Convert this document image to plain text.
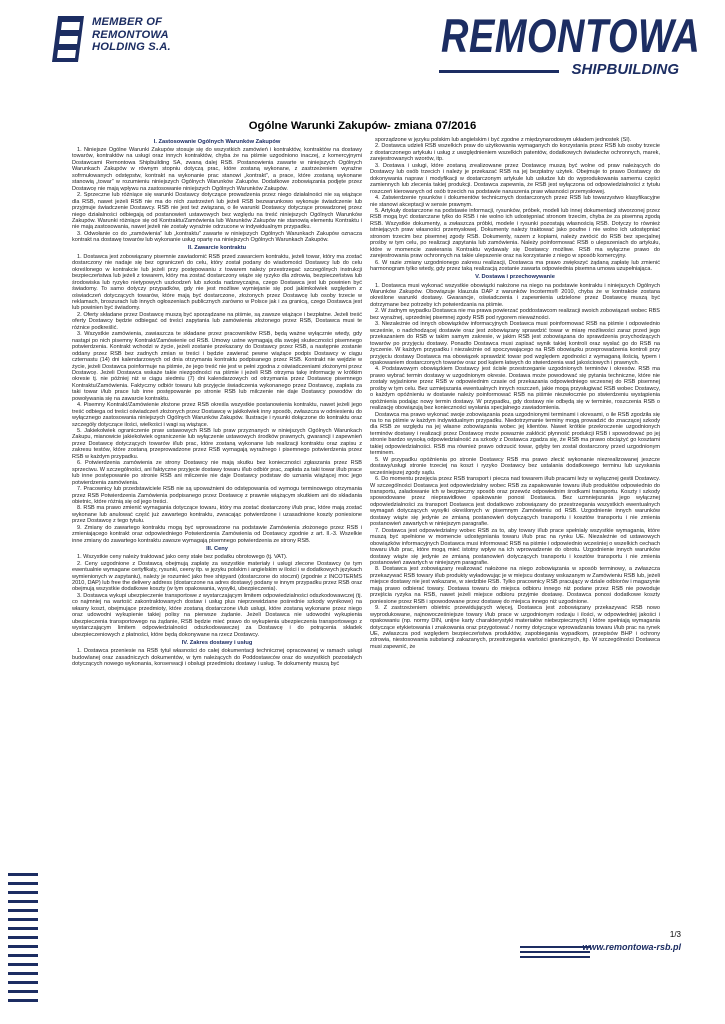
MEMBER OF
REMONTOWA
HOLDING S.A.	REMONTOWA
SHIPBUILDING
Ogólne Warunki Zakupów- zmiana 07/2016
I. Zastosowanie Ogólnych Warunków Zakupów

1. Niniejsze Ogólne Warunki Zakupów stosuje się do wszystkich zamówień i kontraktów, kontraktów na dostawy towarów, kontraktów na usługi oraz innych kontraktów, chyba że na piśmie uzgodniono inaczej, z komercyjnymi Dostawcami Remontowa Shipbuilding SA, zwaną dalej RSB. Postanowienia zawarte w niniejszych Ogólnych Warunkach Zakupów w równym stopniu dotyczą prac, które zostaną wykonane, z zastrzeżeniem wyraźne sofrmułowanych odstępstw, kontrakt na wykonanie prac stanowi „kontrakt”, a prace, które zostaną wykonane stanowią „towar” w rozumieniu niniejszych Ogólnych Warunków Zakupów. Dodatkowe zobowiązania podjęte przez Dostawcę nie mają wpływu na zastosowanie niniejszych Ogólnych Warunków Zakupów.

2. Sprzeczne lub różniące się warunki Dostawcy dotyczące prowadzenia przez niego działalności nie są wiążące dla RSB, nawet jeżeli RSB nie ma do nich zastrzeżeń lub jeżeli RSB bezwarunkowo wykonuje świadczenie lub przyjmuje świadczenie Dostawcy. RSB nie jest też związana, o ile warunki Dostawcy dotyczące prowadzonej przez niego działalności odbiegają od postanowień ustawowych bez względu na treść niniejszych Ogólnych Warunków Zakupów. Warunki różniące się od Kontraktu/Zamówienia lub Warunków Zakupów nie stanowią elementu Kontraktu i nie mają zastosowania, nawet jeżeli nie zostały wyraźnie odrzucone w indywidualnym przypadku.

3. Odwołanie co do „zamówienia” lub „kontraktu” zawarte w niniejszych Ogólnych Warunkach Zakupów oznacza kontrakt na dostawę towarów lub wykonanie usług opartę na niniejszych Ogólnych Warunkach Zakupów.

II. Zawarcie kontraktu

1. Dostawca jest zobowiązany pisemnie zawiadomić RSB przed zawarciem kontraktu, jeżeli towar, który ma zostać dostarczony nie nadaje się bez ograniczeń do celu, który został podany do wiadomości Dostawcy lub do celu określonego w kontrakcie lub jeżeli przy postępowaniu z towarem należy przestrzegać szczególnych instrukcji bezpieczeństwa lub jeżeli z towarem, który ma zostać dostarczony wiąże się ryzyko dla zdrowia, bezpieczeństwa lub środowiska lub ryzyko nietypowych uszkodzeń lub szkoda nadzwyczajna, czego Dostawca jest lub powinien być świadomy. To samo dotyczy przypadków, gdy nie jest możliwe wymiejanie się pod jakimkolwiek względem z oświadczeń dotyczących towarów, które mają być dostarczone, złożonych przez Dostawcę lub osoby trzecie w reklamach, broszurach lub innych ogłoszeniach publicznych zarówno w Polsce jak i za granicą, czego Dostawca jest lub powinien być świadomy.

2. Oferty składane przez Dostawcę muszą być sporządzane na piśmie, są zawsze wiążące i bezpłatne. Jeżeli treść oferty Dostawcy będzie odbiegać od treści zapytania lub zamówienia złożonego przez RSB, Dostawca musi te różnice podkreślić.

3. Wszystkie zamówienia, zawiaszcza te składane przez pracowników RSB, będą ważne wyłącznie wtedy, gdy nastąpi po nich pisemny Kontrakt/Zamówienie od RSB. Umowy ustne wymagają dla swojej skuteczności pisemnego potwierdzenia. Kontrakt wchodzi w życie, jeżeli zostanie przekazany do Dostawcy przez RSB, a następnie zostanie oddany przez RSB bez zadnych zmian w treści i będzie zawierać pewne wiążące podpis Dostawcy w ciągu czternastu (14) dni kalendarzowych od dnia otrzymania kontraktu podpisanego przez RSB. Kontrakt nie wejdzie w życie, jeżeli Dostawca poinformuje na piśmie, że jego treść nie jest w pełni zgodna z oświadczeniami złożonymi przez Dostawcę. Jeżeli Dostawca wskaże takie niezgodności na piśmie i jeżeli RSB otrzyma takę informację w krótkim okresie tj. nie później niż w ciągu siedmiu (7) dni kalendarzowych od otrzymania przez Dostawcę pisemnego Kontraktu/Zamówienia. Faktyczny odbiór towaru lub przyjęcie świadczenia wykonanego przez Dostawcę, zapłata za taki towar i/lub prace lub inne postępowanie po stronie RSB lub milczenie nie daje Dostawcy powodów do powoływania się na zawarcie kontraktu.

4. Pisemny Kontrakt/Zamówienie złożone przez RSB określa wszystkie postanowienia kontraktu, nawet jeżeli jego treść odbiega od treści oświadczeń złożonych przez Dostawcę w jakikolwiek inny sposób, zwłaszcza w odniesieniu do wyłącznego zastosowania niniejszych Ogólnych Warunków Zakupów. Ilustracje i rysunki dołączone do kontraktu oraz szczegóły dotyczące ilości, wielkości i wagi są wiążące.

5. Jakiekolwiek ograniczenie praw ustawowych RSB lub praw przyznanych w niniejszych Ogólnych Warunkach Zakupu, mianowicie jakiekolwiek ograniczenie lub wyłączenie ustawowych środków prawnych, gwarancji i zapewnień przez Dostawcę dotyczących towarów i/lub prac, które zostaną wykonane lub realizacji kontraktu oraz zapisu z zakresu testów, które zostaną przeprowadzone przez RSB wymagają wyraźnego i pisemnego potwierdzenia przez RSB w każdym przypadku.

6. Potwierdzenia zamówienia ze strony Dostawcy nie mają skutku bez konieczności zgłaszania przez RSB sprzeciwu. W szczególności, ani faktyczne przyjęcie dostawy towaru i/lub odbiór prac, zapłata za taki towar i/lub prace lub inne postępowanie po stronie RSB ani milczenie nie daje Dostawcy podstaw do uznania wiążącej moc jego potwierdzenia zamówienia.

7. Pracownicy lub przedstawiciele RSB nie są upoważnieni do odstępowania od wymogu terminowego otrzymania przez RSB Potwierdzenia Zamówienia podpisanego przez Dostawcę z prawnie wiążącym skutkiem ani do składania obietnic, które różnią się od jego treści.

8. RSB ma prawo zmienić wymagania dotyczące towaru, który ma zostać dostarczony i/lub prac, które mają zostać wykonane lub anulować część już zawartego kontraktu, zwracając potwierdzone i uzasadnione koszty poniesione przez Dostawcę z tego tytułu.

9. Zmiany do zawartego kontraktu mogą być wprowadzone na podstawie Zamówienia złożonego przez RSB i zmieniającego kontrakt oraz odpowiedniego Potwierdzenia Zamówienia od Dostawcy zgodnie z art. II.-3. Wszelkie inne zmiany do zawartego kontraktu zawsze wymagają pisemnego potwierdzenia ze strony RSB.

III. Ceny

1. Wszystkie ceny należy traktować jako ceny stałe bez podatku obrotowego (tj. VAT).

2. Ceny uzgodnione z Dostawcą obejmują zapłatę za wszystkie materiały i usługi zlecone Dostawcy (w tym ewentualnie wymagane certyfikaty, rysunki, ceeny itp. w języku polskim i angielskim w ilości i w dodatkowych językach wymienionych w zapytaniu), należy je rozumieć jako free shipyard (dostarczone do stoczni) (zgodnie z INCOTERMS 2010, DAP) lub free the delivery address (dostarczone na adres dostawy) podany w innym przypadku przez RSB oraz obejmują wszystkie dodatkowe koszty (w tym opakowania, wysyłki, ubezpieczenia).

3. Dostawca wykupi ubezpieczenie transportowe z wystarczającym limitem odpowiedzialności odszkodowawczej (tj. co najmniej na wartość zakontraktowanych dostaw i usług plus nieprzewidziane pośrednie szkody wynikowe) na własny koszt, obejmujące przedmioty, które zostaną dostarczone i/lub usługi, które zostaną wykonane przez niego oraz udowodni wykupienie takiej polisy na pierwsze żądanie. Jeżeli Dostawca nie udowodni wykupienia ubezpieczenia transportowego na żądanie, RSB będzie mieć prawo do wykupienia ubezpieczenia transportowego z wystarczającym limitem odpowiedzialności odszkodowawczej za Dostawcę i do potrącenia składek ubezpieczeniowych z płatności, które będą dokonywane na rzecz Dostawcy.

IV. Zakres dostawy i usług

1. Dostawca przeniesie na RSB tytuł własności do całej dokumentacji technicznej opracowanej w ramach usługi budowlanej oraz zasadniczych dokumentów, w tym należących do Poddostawców oraz do wszystkich pozostałych dotyczących nowego wykonania, konserwacji i obsługi przedmiotu dostawy i usług. Te dokumenty muszą być

sporządzone w języku polskim lub angielskim i być zgodne z międzynarodowym układem jednostek (SI).

2. Dostawca udzieli RSB wszelkich praw do użytkowania wymaganych do korzystania przez RSB lub osoby trzecie z dostarczonego artykułu i usług z uwzględnieniem wszelkich patentów, dodatkowych świadectw ochronnych, marek, zarejestrowanych wzorów, itp.

3. Dostawa i usługi, które zostaną zrealizowane przez Dostawcę muszą być wolne od praw należących do Dostawcy lub osób trzecich i należy je przekazać RSB na jej bezpłatny użytek. Obejmuje to prawo Dostawcy do dokonywania napraw i modyfikacji w dostarczonym artykule lub usłudze lub do wyprodukowania samemu części zamiennych lub zlecenia takiej produkcji. Dostawca zapewnia, że RSB jest wyłączona od odpowiedzialności z tytułu roszczeń kierowanych od osób trzecich na podstawie naruszenia praw własności przemysłowej.

4. Zatwierdzenie rysunków i dokumentów technicznych dostarczonych przez RSB lub towarzystwo klasyfikacyjne nie stanowi akceptacji w sensie prawnym.

5. Artykuły dostarczone na podstawie informacji, rysunków, próbek, modeli lub innej dokumentacji stworzonej przez RSB mogą być dostarczane tylko do RSB i nie wolno ich udostępniać stronom trzecim, chyba że za pisemną zgodą RSB. Wszystkie dokumenty, a zwłaszcza próbki, modele i rysunki pozostają własnością RSB. Dotyczy to również istniejących praw własności przemysłowej. Dokumenty należy traktować jako poufne i nie wolno ich udostępniać stronom trzecim bez pisemnej zgody RSB. Dokumenty, razem z kopiami, należy zwrócić do RSB bez specjalnej prośby w tym celu, po realizacji zapytania lub zamówienia. Należy poinformować RSB o ulepszeniach do artykułu, które w momencie zawierania Kontraktu wydawały się Dostawcy możliwe. RSB ma wyłączne prawo do zarejestrowania praw ochronnych na takie ulepszenie oraz na korzystanie z niego w sposób komercyjny.

6. W razie zmiany uzgodnionego zakresu realizacji, Dostawca ma prawo zwiększyć żądaną zapłatę lub zmienić harmonogram tylko wtedy, gdy przez taką realizacją zostanie zawarta odpowiednia pisemna umowa uzupełniająca.

V. Dostawa i przechowywanie

1. Dostawca musi wykonać wszystkie obowiązki nałożone na niego na podstawie kontraktu i niniejszych Ogólnych Warunków Zakupów. Obowiązuje klauzula DAP z warunków Incoterms® 2010, chyba że w kontrakcie zostana określone warunki dostawy. Gwarancje, oświadczenia i zapewnienia udzielone przez Dostawcę muszą być dotrzymane bez potrzeby ich potwierdzania na piśmie.

2. W żadnym wypadku Dostawca nie ma prawa powierzać poddostawcom realizacji swoich zobowiązań wobec RBS bez wyraźnej, uprzedniej pisemnej zgody RSB pod rygorem nieważności.

3. Niezależnie od innych obowiązków informacyjnych Dostawca musi poinformować RSB na piśmie i odpowiednio wcześnie, o nadchodzącej dostawie oraz jest zobowiązany sprawdzić towar w miarę możliwości zaraz przed jego przekazaniem do RSB w takim samym zakresie, w jakim RSB jest zobowiązana do sprawdzenia przychodzących towarów po przyjęciu dostawy. Ponadto Dostawca musi zapisać wynik takiej kontroli oraz wysłać go do RSB na życzenie. W każdym przypadku i niezależnie od spoczywającego na RSB obowiązku przeprowadzenia kontroli przy przyjęciu dostawy Dostawca ma obowiązek sprawdzić towar pod względem zgodności z wymaganą ilością, typem i opakowaniem dostarczonych towarów oraz pod kątem łatwych do stwierdzenia wad jakościowych i prawnych.

4. Podstawowym obowiązkiem Dostawcy jest ścisłe przestrzeganie uzgodnionych terminów i okresów. RSB ma prawo wybrać termin dostawy w uzgodnionym okresie. Dostawa może powodować się pytania techniczne, które nie zostały wyjaśnione przez RSB w odpowiednim czasie od przekazania odpowiedniego wczesnej do RSB pisemnej prośby w tym celu. Bez uzmiejszania ewentualnych innych roszczeń, jakie mogą przysługiwać RSB wobec Dostawcy, o każdym opóźnieniu w dostawie należy poinformować RSB na piśmie niezwłocznie po stwierdzeniu wystąpienia opóźnienia podając nowy termin dostawy. W przypadku, gdy dostawy nie odbędą się w terminie, roszczenia RSB o realizację obowiązują bez konieczności wysłania specjalnego zawiadomienia.

Dostawca ma prawo wykonać swoje zobowiązania poza uzgodnionymi terminami i okresami, o ile RSB zgodziła się na to na piśmie w każdym indywidualnym przypadku. Niedotrzymanie terminy mogą prowadzić do znaczącej szkody dla RSB ze względu na jej własne zobowiązania wobec jej klientów. Nawet krótkie przekroczenie uzgodnionych terminów dostawy i realizacji przez Dostawcę może powaznie zakłócić płynność produkcji RSB i spowodować po jej stronie bardzo wysoką odpowiedzialność za szkody z Dostawca zgadza się, że RSB ma prawo obciążyć go kosztami takiej odpowiedzialności. RSB ma również prawo odrzucić towar, gdyby ten został dostarczony przed uzgodnionym terminem.

5. W przypadku opóźnienia po stronie Dostawcy RSB ma prawo złecić wykonanie niezrealizowanej jeszcze dostawy/usługi stronie trzeciej na koszt i ryzyko Dostawcy bez ustalania dodatkowego terminu lub uzyskania wcześniejszej zgody sądu.

6. Do momentu przejęcia przez RSB transport i piecza nad towarem i/lub pracami leży w wyłącznej gestii Dostawcy. W szczególności Dostawca jest odpowiedzialny wobec RSB za zapakowanie towaru i/lub produktów odpowiednio do transportu, załadowanie ich w bezpieczny sposób oraz przewóz odpowiednim środkami transportu. Koszty i szkody spowodowane przez nieprawidłowe opakowanie ponosi Dostawca. Bez uzmniejszania jego wyłącznej odpowiedzialności za transport Dostawca jest dodatkowo zobowiązany do przestrzegania wszystkich ewentualnych wymagań dotyczących wysyłki określonych w pisemnym Zamówieniu od RSB. Uzgodnienie innych warunków dostawy wiąże się jedynie ze zmianą postanowień dotyczących transportu i kosztów transportu i nie zmienia postanowień zawartych w niniejszym paragrafie.

7. Dostawca jest odpowiedzialny wobec RSB za to, aby towary i/lub prace spełniały wszystkie wymagania, które muszą być spełnione w momencie udostępniania towaru i/lub prac na rynku UE. Niezależnie od ustawowych obowiązków informacyjnych Dostawca musi informować RSB na piśmie i odpowiednio wcześniej o wszelkich cechach towaru i/lub prac, które mogą mieć istotny wpływ na ich wprowadzenie do obrotu. Uzgodnienie innych warunków dostawy wiąże się jedynie ze zmianą postanowień dotyczących transportu i kosztów transportu i nie zmienia postanowień zawartych w niniejszym paragrafie.

8. Dostawca jest zobowiązany realizować nałożone na niego zobowiązania w sposób terminowy, a zwłaszcza przekazywać RSB towary i/lub produkty wyładowując je w miejscu dostawy wskazanym w Zamówieniu RSB lub, jeżeli miejsce dostawy nie jest wskazane, w siedzibie RSB. Tylko pracownicy RSB pracujący w dziale odbiorów i magazynie mają prawo odbierać towary. Dostawa towaru do miejsca odbioru innego niż podane przez RSB nie powoduje przejścia ryzyka na RSB, nawet jeżeli miejsce odbioru przyjmie dostawę. Dostawca ponosi dodatkowe koszty poniesione przez RSB i spowodowane przez dostawę do miejsca innego niż uzgodnione.

9. Z zastrzeżeniem obietnic przewidujących więcej, Dostawca jest zobowiązany przekazywać RSB nowo wyprodukowane, najnowocześniejsze towary i/lub prace w uzgodnionym rodzaju i ilości, w odpowiedniej jakości i opakowaniu (np. normy DIN, unijne karty charakterystyki materiałów niebezpiecznych) i które spełniają wymagania dotyczące etykietowania i znakowania oraz przygotować / normy dotyczące wprowadzania towaru i/lub prac na rynek UE, zwłaszcza pod względem bezpieczeństwa produktów, zapobiegania wypadkom, przepisów BHP i ochrony zdrowia, niestosowania substancji zakazanych, przestrzegania wartości granicznych, itp. W szczególności Dostawca musi zapewnić, że

1/3
www.remontowa-rsb.pl
